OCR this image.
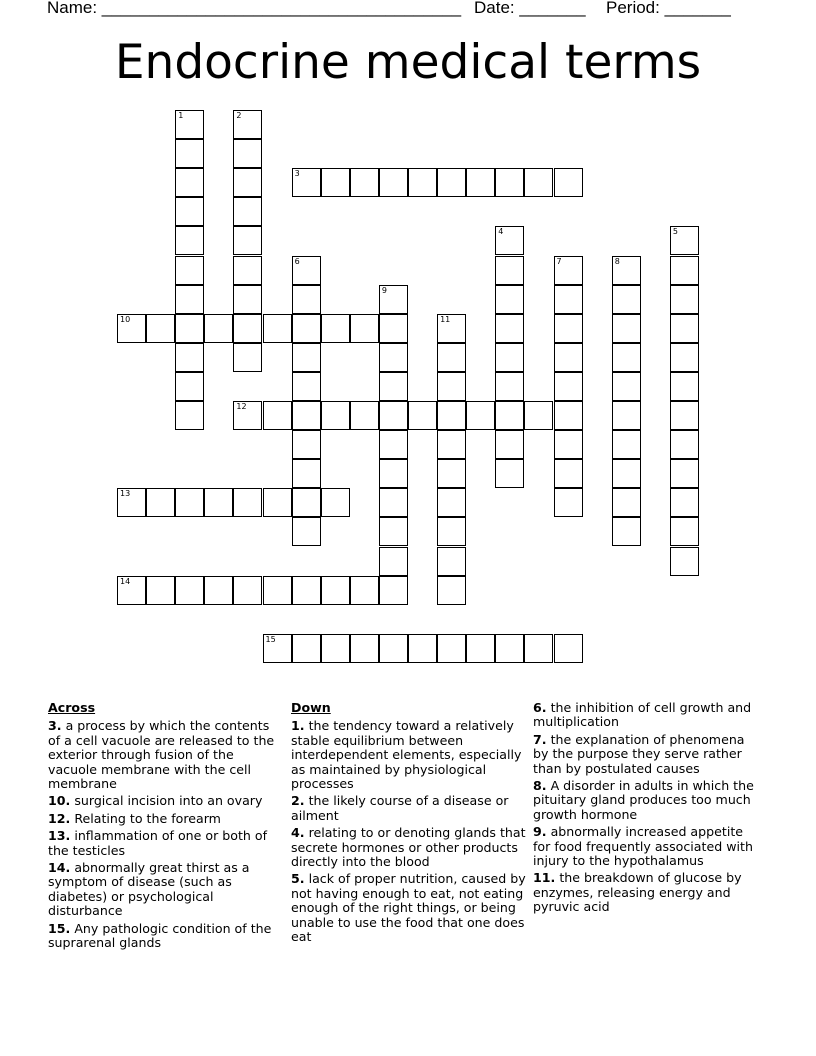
Name: ______________________________________ Date: _______ Period: _______
Endocrine medical terms
1	2
3
4	5
6	7	8
9
10	11
12
13
14
15
Across
3. a process by which the contents of a cell vacuole are released to the exterior through fusion of the vacuole membrane with the cell membrane
10. surgical incision into an ovary
12. Relating to the forearm
13. inflammation of one or both of the testicles
14. abnormally great thirst as a symptom of disease (such as diabetes) or psychological disturbance
15. Any pathologic condition of the suprarenal glands
Down
1. the tendency toward a relatively stable equilibrium between interdependent elements, especially as maintained by physiological processes
2. the likely course of a disease or ailment
4. relating to or denoting glands that secrete hormones or other products directly into the blood
5. lack of proper nutrition, caused by not having enough to eat, not eating enough of the right things, or being unable to use the food that one does eat
6. the inhibition of cell growth and multiplication
7. the explanation of phenomena by the purpose they serve rather than by postulated causes
8. A disorder in adults in which the pituitary gland produces too much growth hormone
9. abnormally increased appetite for food frequently associated with injury to the hypothalamus
11. the breakdown of glucose by enzymes, releasing energy and pyruvic acid
